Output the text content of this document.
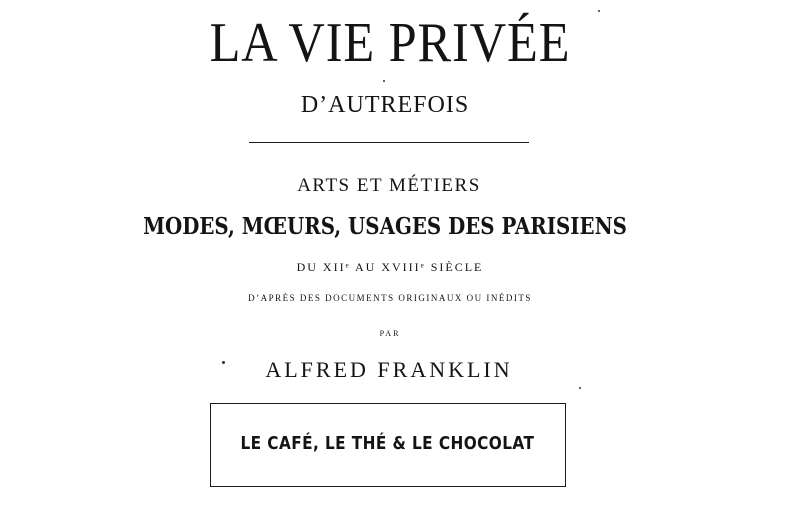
LA VIE PRIVÉE
D’AUTREFOIS
ARTS ET MÉTIERS
MODES, MŒURS, USAGES DES PARISIENS
DU XIIᵉ AU XVIIIᵉ SIÈCLE
D’APRÈS DES DOCUMENTS ORIGINAUX OU INÉDITS
PAR
ALFRED FRANKLIN
LE CAFÉ, LE THÉ & LE CHOCOLAT
